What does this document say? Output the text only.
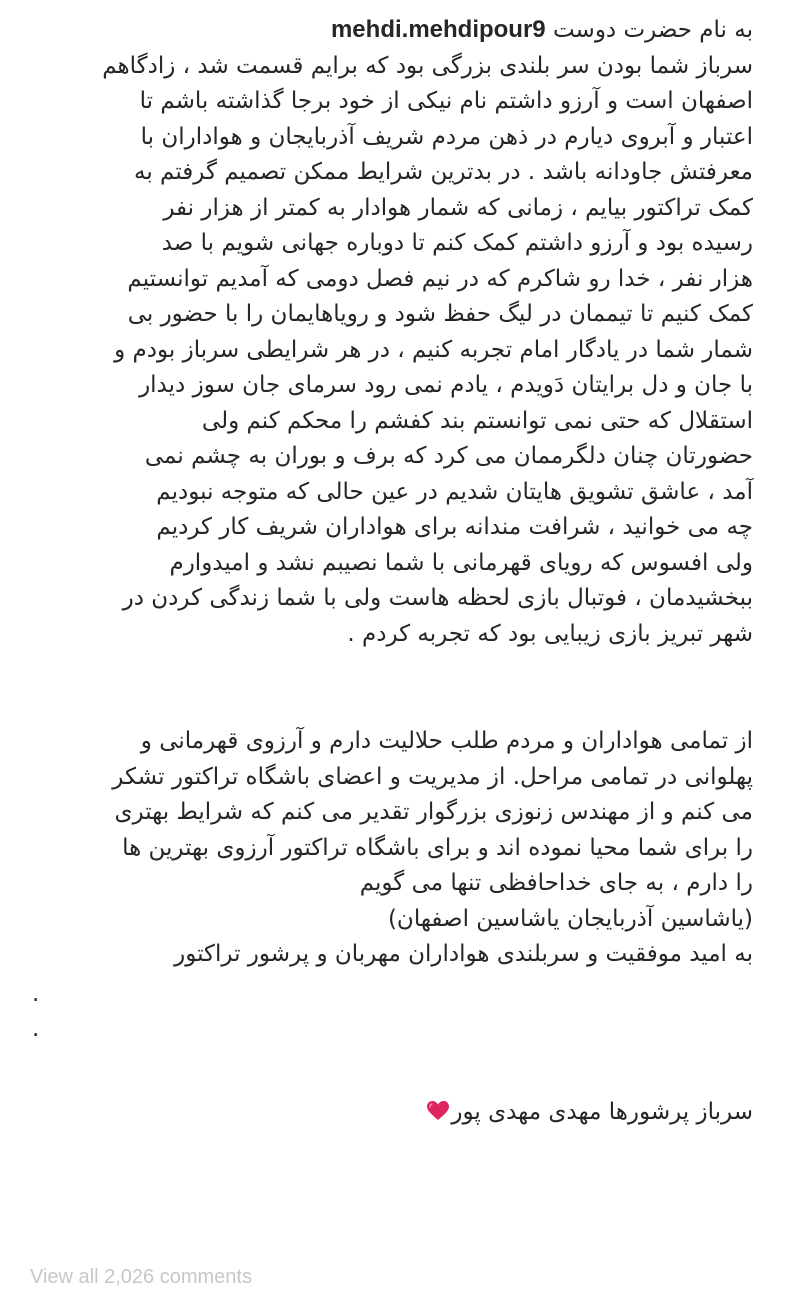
به نام حضرت دوست mehdi.mehdipour9
سرباز شما بودن سر بلندی بزرگی بود که برایم قسمت شد ، زادگاهم
اصفهان است و آرزو داشتم نام نیکی از خود برجا گذاشته باشم تا
اعتبار و آبروی دیارم در ذهن مردم شریف آذربایجان و هواداران با
معرفتش جاودانه باشد . در بدترین شرایط ممکن تصمیم گرفتم به
کمک تراکتور بیایم ، زمانی که شمار هوادار به کمتر از هزار نفر
رسیده بود و آرزو داشتم کمک کنم تا دوباره جهانی شویم با صد
هزار نفر ، خدا رو شاکرم که در نیم فصل دومی که آمدیم توانستیم
کمک کنیم تا تیممان در لیگ حفظ شود و رویاهایمان را با حضور بی
شمار شما در یادگار امام تجربه کنیم ، در هر شرایطی سرباز بودم و
با جان و دل برایتان دَویدم ، یادم نمی رود سرمای جان سوز دیدار
استقلال که حتی نمی توانستم بند کفشم را محکم کنم ولی
حضورتان چنان دلگرممان می کرد که برف و بوران به چشم نمی
آمد ، عاشق تشویق هایتان شدیم در عین حالی که متوجه نبودیم
چه می خوانید ، شرافت مندانه برای هواداران شریف کار کردیم
ولی افسوس که رویای قهرمانی با شما نصیبم نشد و امیدوارم
ببخشیدمان ، فوتبال بازی لحظه هاست ولی با شما زندگی کردن در
شهر تبریز بازی زیبایی بود که تجربه کردم .
از تمامی هواداران و مردم طلب حلالیت دارم و آرزوی قهرمانی و
پهلوانی در تمامی مراحل. از مدیریت و اعضای باشگاه تراکتور تشکر
می کنم و از مهندس زنوزی بزرگوار تقدیر می کنم که شرایط بهتری
را برای شما محیا نموده اند و برای باشگاه تراکتور آرزوی بهترین ها
را دارم ، به جای خداحافظی تنها می گویم
(یاشاسین آذربایجان یاشاسین اصفهان)
به امید موفقیت و سربلندی هواداران مهربان و پرشور تراکتور
.
.
سرباز پرشورها مهدی مهدی پور
View all 2,026 comments
